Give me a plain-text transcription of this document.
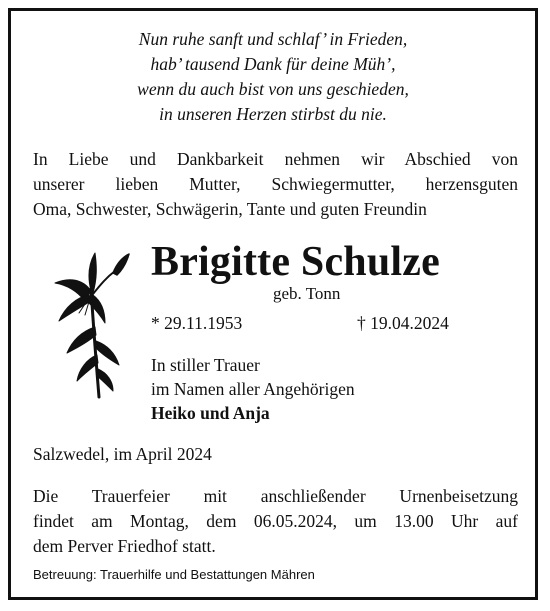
Nun ruhe sanft und schlaf’ in Frieden,
hab’ tausend Dank für deine Müh’,
wenn du auch bist von uns geschieden,
in unseren Herzen stirbst du nie.
In Liebe und Dankbarkeit nehmen wir Abschied von
unserer lieben Mutter, Schwiegermutter, herzensguten
Oma, Schwester, Schwägerin, Tante und guten Freundin
Brigitte Schulze
geb. Tonn
* 29.11.1953	† 19.04.2024
In stiller Trauer
im Namen aller Angehörigen
Heiko und Anja
Salzwedel, im April 2024
Die Trauerfeier mit anschließender Urnenbeisetzung
findet am Montag, dem 06.05.2024, um 13.00 Uhr auf
dem Perver Friedhof statt.
Betreuung: Trauerhilfe und Bestattungen Mähren
